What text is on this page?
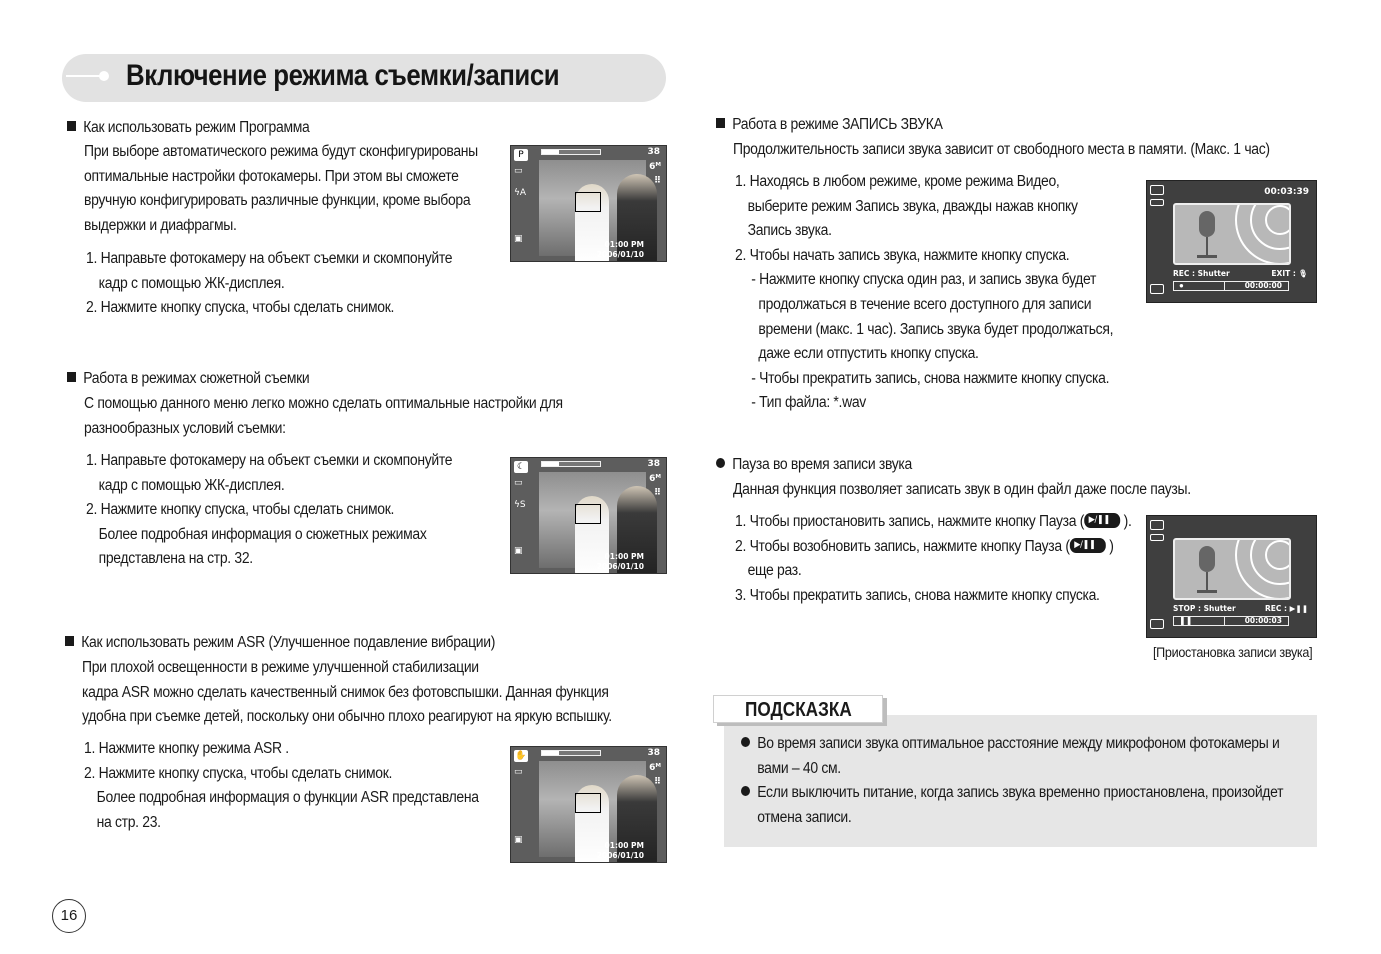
Включение режима съемки/записи
Как использовать режим Программа
При выборе автоматического режима будут сконфигурированы
оптимальные настройки фотокамеры. При этом вы сможете
вручную конфигурировать различные функции, кроме выбора
выдержки и диафрагмы.
1. Направьте фотокамеру на объект съемки и скомпонуйте
кадр с помощью ЖК-дисплея.
2. Нажмите кнопку спуска, чтобы сделать снимок.
P	38
▭
ϟA
▣
6ᴹ
⠿
01:00 PM
2006/01/10
Работа в режимах сюжетной съемки
С помощью данного меню легко можно сделать оптимальные настройки для
разнообразных условий съемки:
1. Направьте фотокамеру на объект съемки и скомпонуйте
кадр с помощью ЖК-дисплея.
2. Нажмите кнопку спуска, чтобы сделать снимок.
Более подробная информация о сюжетных режимах
представлена на стр. 32.
☾	38
▭
ϟS
▣
6ᴹ
⠿
01:00 PM
2006/01/10
Как использовать режим ASR (Улучшенное подавление вибрации)
При плохой освещенности в режиме улучшенной стабилизации
кадра ASR можно сделать качественный снимок без фотовспышки. Данная функция
удобна при съемке детей, поскольку они обычно плохо реагируют на яркую вспышку.
1. Нажмите кнопку режима ASR .
2. Нажмите кнопку спуска, чтобы сделать снимок.
Более подробная информация о функции ASR представлена
на стр. 23.
✋	38
▭
▣
6ᴹ
⠿
01:00 PM
2006/01/10
16
Работа в режиме ЗАПИСЬ ЗВУКА
Продолжительность записи звука зависит от свободного места в памяти. (Макс. 1 час)
1. Находясь в любом режиме, кроме режима Видео,
выберите режим Запись звука, дважды нажав кнопку
Запись звука.
2. Чтобы начать запись звука, нажмите кнопку спуска.
- Нажмите кнопку спуска один раз, и запись звука будет
продолжаться в течение всего доступного для записи
времени (макс. 1 час). Запись звука будет продолжаться,
даже если отпустить кнопку спуска.
- Чтобы прекратить запись, снова нажмите кнопку спуска.
- Тип файла: *.wav
00:03:39
REC : Shutter	EXIT : 🎙
●	00:00:00
Пауза во время записи звука
Данная функция позволяет записать звук в один файл даже после паузы.
1. Чтобы приостановить запись, нажмите кнопку Пауза ( ▶/❚❚	).
2. Чтобы возобновить запись, нажмите кнопку Пауза ( ▶/❚❚	)
еще раз.
3. Чтобы прекратить запись, снова нажмите кнопку спуска.
STOP : Shutter	REC : ▶❚❚
❚❚	00:00:03
[Приостановка записи звука]
ПОДСКАЗКА
Во время записи звука оптимальное расстояние между микрофоном фотокамеры и
вами – 40 см.
Если выключить питание, когда запись звука временно приостановлена, произойдет
отмена записи.
